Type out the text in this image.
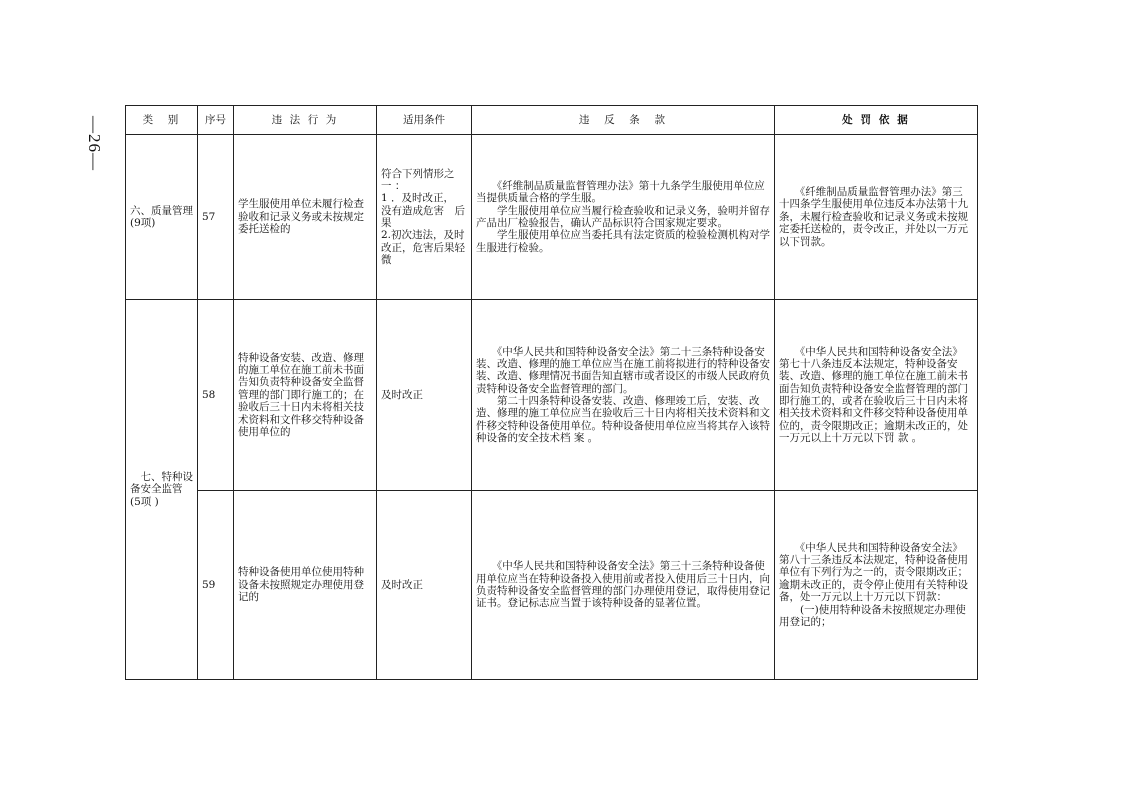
—26—	类　别	序号	违 法 行 为	适用条件	违　反　条　款	处 罚 依 据
六、质量管理(9项)	57	学生服使用单位未履行检查验收和记录义务或未按规定委托送检的	符合下列情形之 一 ：
1 ．及时改正，　没有造成危害　后果
2.初次违法，及时改正，危害后果轻微	　　《纤维制品质量监督管理办法》第十九条学生服使用单位应当提供质量合格的学生服。
　　学生服使用单位应当履行检查验收和记录义务，验明并留存产品出厂检验报告，确认产品标识符合国家规定要求。
　　学生服使用单位应当委托具有法定资质的检验检测机构对学生服进行检验。	　　《纤维制品质量监督管理办法》第三十四条学生服使用单位违反本办法第十九条，未履行检查验收和记录义务或未按规定委托送检的，责令改正，并处以一万元以下罚款。
　七、特种设备安全监管(5项 )	58	特种设备安装、改造、修理的施工单位在施工前未书面告知负责特种设备安全监督管理的部门即行施工的；在验收后三十日内未将相关技术资料和文件移交特种设备使用单位的	及时改正	　　《中华人民共和国特种设备安全法》第二十三条特种设备安装、改造、修理的施工单位应当在施工前将拟进行的特种设备安装、改造、修理情况书面告知直辖市或者设区的市级人民政府负责特种设备安全监督管理的部门。
　　第二十四条特种设备安装、改造、修理竣工后，安装、改造、修理的施工单位应当在验收后三十日内将相关技术资料和文件移交特种设备使用单位。特种设备使用单位应当将其存入该特种设备的安全技术档 案 。	　　《中华人民共和国特种设备安全法》第七十八条违反本法规定，特种设备安装、改造、修理的施工单位在施工前未书面告知负责特种设备安全监督管理的部门即行施工的，或者在验收后三十日内未将相关技术资料和文件移交特种设备使用单位的，责令限期改正；逾期未改正的，处一万元以上十万元以下罚 款 。
	59	特种设备使用单位使用特种设备未按照规定办理使用登记的	及时改正	　　《中华人民共和国特种设备安全法》第三十三条特种设备使用单位应当在特种设备投入使用前或者投入使用后三十日内，向负责特种设备安全监督管理的部门办理使用登记，取得使用登记证书。登记标志应当置于该特种设备的显著位置。	　　《中华人民共和国特种设备安全法》第八十三条违反本法规定，特种设备使用单位有下列行为之一的，责令限期改正；逾期未改正的，责令停止使用有关特种设备，处一万元以上十万元以下罚款：
　　(一)使用特种设备未按照规定办理使用登记的；
